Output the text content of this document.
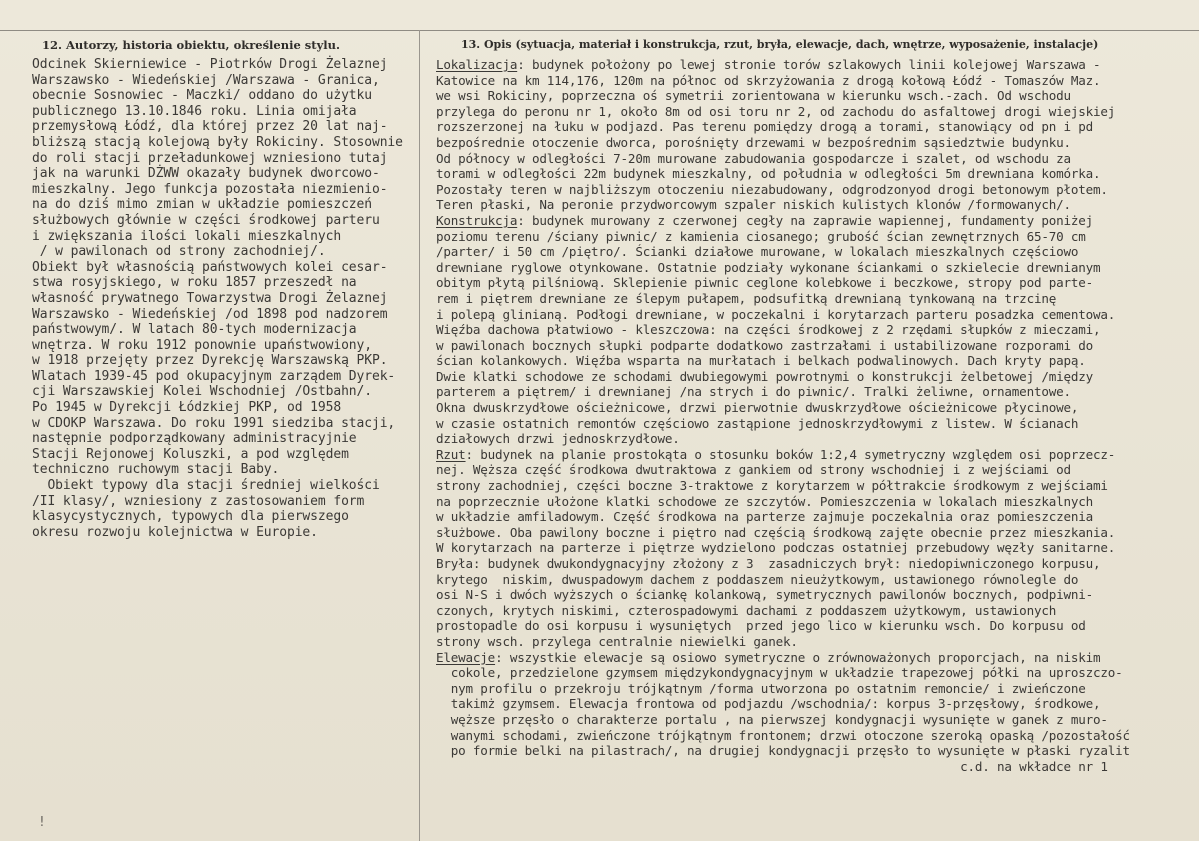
12. Autorzy, historia obiektu, określenie stylu.	13. Opis (sytuacja, materiał i konstrukcja, rzut, bryła, elewacje, dach, wnętrze, wyposażenie, instalacje)
Odcinek Skierniewice - Piotrków Drogi Żelaznej
Warszawsko - Wiedeńskiej /Warszawa - Granica,
obecnie Sosnowiec - Maczki/ oddano do użytku
publicznego 13.10.1846 roku. Linia omijała
przemysłową Łódź, dla której przez 20 lat naj-
bliższą stacją kolejową były Rokiciny. Stosownie
do roli stacji przeładunkowej wzniesiono tutaj
jak na warunki DŻWW okazały budynek dworcowo-
mieszkalny. Jego funkcja pozostała niezmienio-
na do dziś mimo zmian w układzie pomieszczeń
służbowych głównie w części środkowej parteru
i zwiększania ilości lokali mieszkalnych
/ w pawilonach od strony zachodniej/.
Obiekt był własnością państwowych kolei cesar-
stwa rosyjskiego, w roku 1857 przeszedł na
własność prywatnego Towarzystwa Drogi Żelaznej
Warszawsko - Wiedeńskiej /od 1898 pod nadzorem
państwowym/. W latach 80-tych modernizacja
wnętrza. W roku 1912 ponownie upaństwowiony,
w 1918 przejęty przez Dyrekcję Warszawską PKP.
Wlatach 1939-45 pod okupacyjnym zarządem Dyrek-
cji Warszawskiej Kolei Wschodniej /Ostbahn/.
Po 1945 w Dyrekcji Łódzkiej PKP, od 1958
w CDOKP Warszawa. Do roku 1991 siedziba stacji,
następnie podporządkowany administracyjnie
Stacji Rejonowej Koluszki, a pod względem
techniczno ruchowym stacji Baby.
Obiekt typowy dla stacji średniej wielkości
/II klasy/, wzniesiony z zastosowaniem form
klasycystycznych, typowych dla pierwszego
okresu rozwoju kolejnictwa w Europie.
Lokalizacja: budynek położony po lewej stronie torów szlakowych linii kolejowej Warszawa -
Katowice na km 114,176, 120m na północ od skrzyżowania z drogą kołową Łódź - Tomaszów Maz.
we wsi Rokiciny, poprzeczna oś symetrii zorientowana w kierunku wsch.-zach. Od wschodu
przylega do peronu nr 1, około 8m od osi toru nr 2, od zachodu do asfaltowej drogi wiejskiej
rozszerzonej na łuku w podjazd. Pas terenu pomiędzy drogą a torami, stanowiący od pn i pd
bezpośrednie otoczenie dworca, porośnięty drzewami w bezpośrednim sąsiedztwie budynku.
Od północy w odległości 7-20m murowane zabudowania gospodarcze i szalet, od wschodu za
torami w odległości 22m budynek mieszkalny, od południa w odległości 5m drewniana komórka.
Pozostały teren w najbliższym otoczeniu niezabudowany, odgrodzonyod drogi betonowym płotem.
Teren płaski, Na peronie przydworcowym szpaler niskich kulistych klonów /formowanych/.
Konstrukcja: budynek murowany z czerwonej cegły na zaprawie wapiennej, fundamenty poniżej
poziomu terenu /ściany piwnic/ z kamienia ciosanego; grubość ścian zewnętrznych 65-70 cm
/parter/ i 50 cm /piętro/. Ścianki działowe murowane, w lokalach mieszkalnych częściowo
drewniane ryglowe otynkowane. Ostatnie podziały wykonane ściankami o szkielecie drewnianym
obitym płytą pilśniową. Sklepienie piwnic ceglone kolebkowe i beczkowe, stropy pod parte-
rem i piętrem drewniane ze ślepym pułapem, podsufitką drewnianą tynkowaną na trzcinę
i polepą glinianą. Podłogi drewniane, w poczekalni i korytarzach parteru posadzka cementowa.
Więźba dachowa płatwiowo - kleszczowa: na części środkowej z 2 rzędami słupków z mieczami,
w pawilonach bocznych słupki podparte dodatkowo zastrzałami i ustabilizowane rozporami do
ścian kolankowych. Więźba wsparta na murłatach i belkach podwalinowych. Dach kryty papą.
Dwie klatki schodowe ze schodami dwubiegowymi powrotnymi o konstrukcji żelbetowej /między
parterem a piętrem/ i drewnianej /na strych i do piwnic/. Tralki żeliwne, ornamentowe.
Okna dwuskrzydłowe ościeżnicowe, drzwi pierwotnie dwuskrzydłowe ościeżnicowe płycinowe,
w czasie ostatnich remontów częściowo zastąpione jednoskrzydłowymi z listew. W ścianach
działowych drzwi jednoskrzydłowe.
Rzut: budynek na planie prostokąta o stosunku boków 1:2,4 symetryczny względem osi poprzecz-
nej. Węższa część środkowa dwutraktowa z gankiem od strony wschodniej i z wejściami od
strony zachodniej, części boczne 3-traktowe z korytarzem w półtrakcie środkowym z wejściami
na poprzecznie ułożone klatki schodowe ze szczytów. Pomieszczenia w lokalach mieszkalnych
w układzie amfiladowym. Część środkowa na parterze zajmuje poczekalnia oraz pomieszczenia
służbowe. Oba pawilony boczne i piętro nad częścią środkową zajęte obecnie przez mieszkania.
W korytarzach na parterze i piętrze wydzielono podczas ostatniej przebudowy węzły sanitarne.
Bryła: budynek dwukondygnacyjny złożony z 3  zasadniczych brył: niedopiwniczonego korpusu,
krytego  niskim, dwuspadowym dachem z poddaszem nieużytkowym, ustawionego równolegle do
osi N-S i dwóch wyższych o ściankę kolankową, symetrycznych pawilonów bocznych, podpiwni-
czonych, krytych niskimi, czterospadowymi dachami z poddaszem użytkowym, ustawionych
prostopadle do osi korpusu i wysuniętych  przed jego lico w kierunku wsch. Do korpusu od
strony wsch. przylega centralnie niewielki ganek.
Elewacje: wszystkie elewacje są osiowo symetryczne o zrównoważonych proporcjach, na niskim
cokole, przedzielone gzymsem międzykondygnacyjnym w układzie trapezowej półki na uproszczo-
nym profilu o przekroju trójkątnym /forma utworzona po ostatnim remoncie/ i zwieńczone
takimż gzymsem. Elewacja frontowa od podjazdu /wschodnia/: korpus 3-przęsłowy, środkowe,
węższe przęsło o charakterze portalu , na pierwszej kondygnacji wysunięte w ganek z muro-
wanymi schodami, zwieńczone trójkątnym frontonem; drzwi otoczone szeroką opaską /pozostałość
po formie belki na pilastrach/, na drugiej kondygnacji przęsło to wysunięte w płaski ryzalit
c.d. na wkładce nr 1
!
